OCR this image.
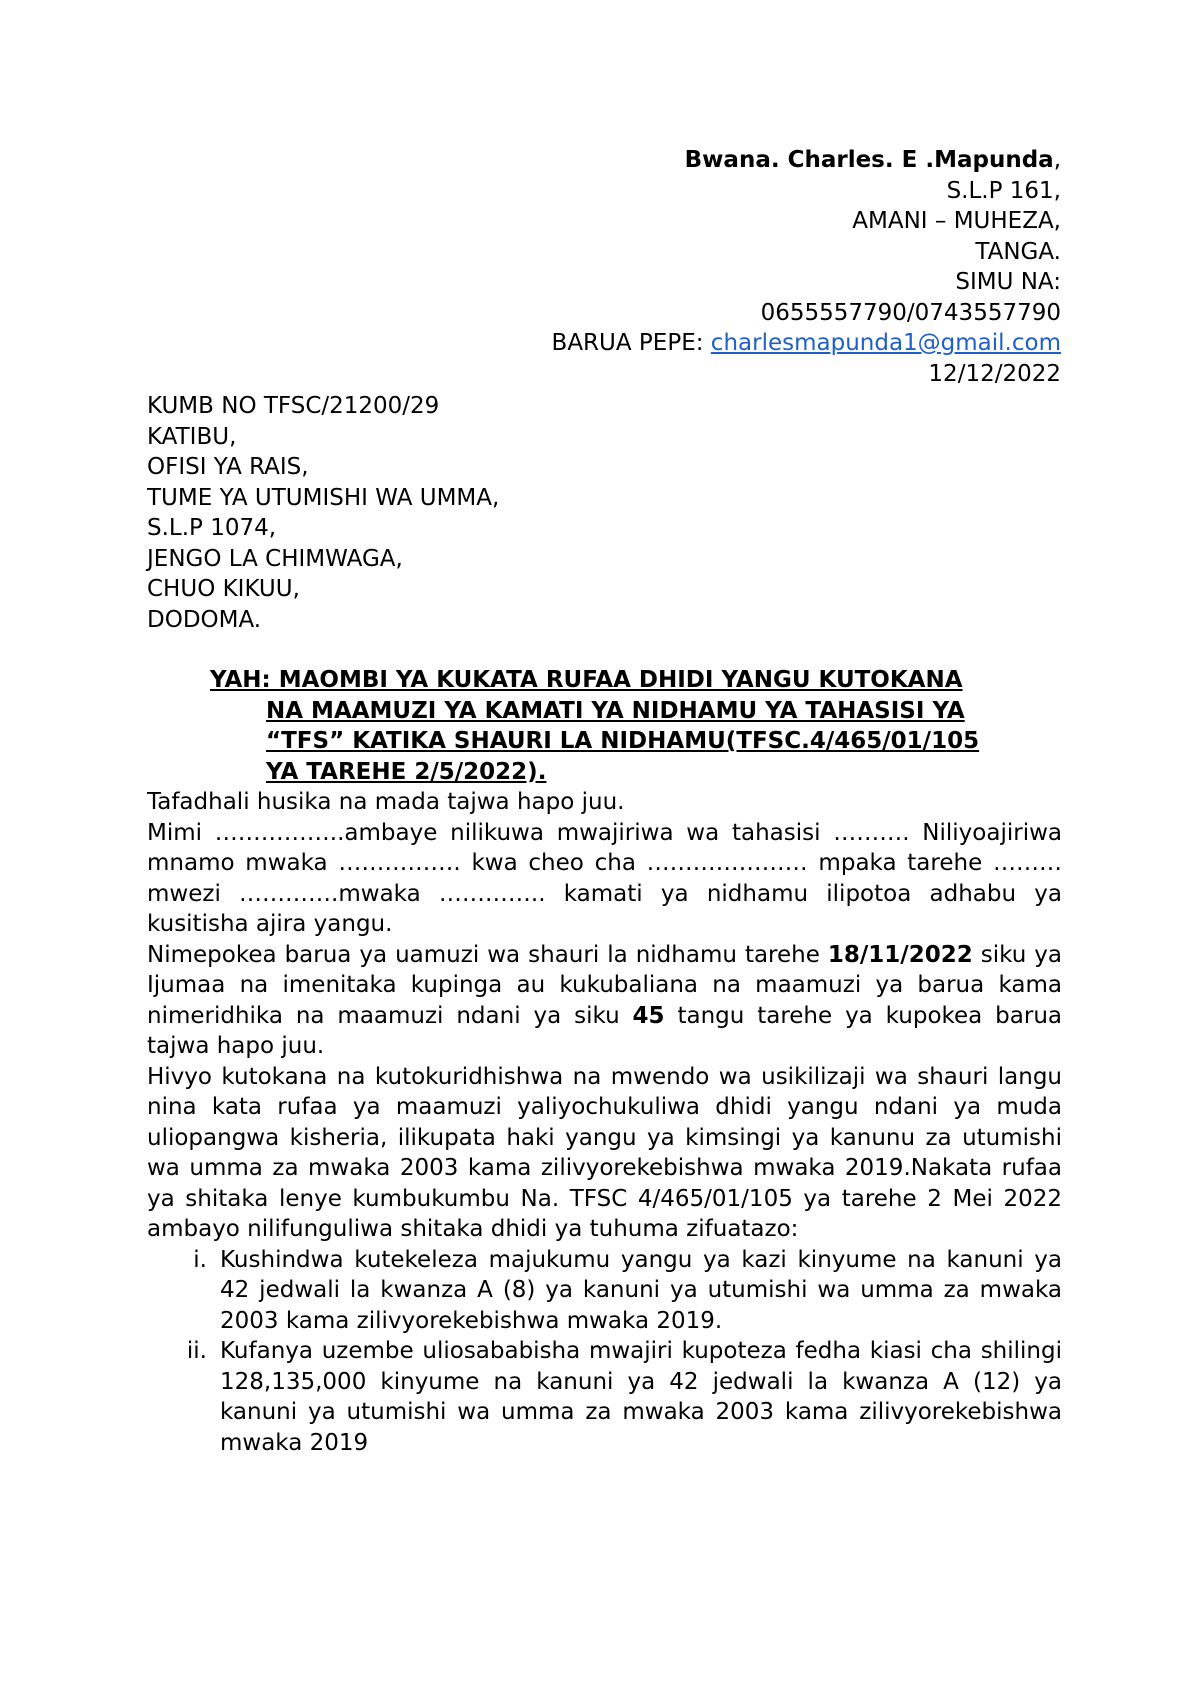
Bwana. Charles. E .Mapunda,
S.L.P 161,
AMANI – MUHEZA,
TANGA.
SIMU NA:
0655557790/0743557790
BARUA PEPE: charlesmapunda1@gmail.com
12/12/2022
KUMB NO TFSC/21200/29
KATIBU,
OFISI YA RAIS,
TUME YA UTUMISHI WA UMMA,
S.L.P 1074,
JENGO LA CHIMWAGA,
CHUO KIKUU,
DODOMA.
YAH: MAOMBI YA KUKATA RUFAA DHIDI YANGU KUTOKANA
NA MAAMUZI YA KAMATI YA NIDHAMU YA TAHASISI YA
“TFS” KATIKA SHAURI LA NIDHAMU(TFSC.4/465/01/105
YA TAREHE 2/5/2022).

Tafadhali husika na mada tajwa hapo juu.

Mimi ……………..ambaye nilikuwa mwajiriwa wa tahasisi ………. Niliyoajiriwa mnamo mwaka ……………. kwa cheo cha ………………… mpaka tarehe ………mwezi ………….mwaka ………….. kamati ya nidhamu ilipotoa adhabu ya kusitisha ajira yangu.

Nimepokea barua ya uamuzi wa shauri la nidhamu tarehe 18/11/2022 siku ya Ijumaa na imenitaka kupinga au kukubaliana na maamuzi ya barua kama nimeridhika na maamuzi ndani ya siku 45 tangu tarehe ya kupokea barua tajwa hapo juu.

Hivyo kutokana na kutokuridhishwa na mwendo wa usikilizaji wa shauri langu nina kata rufaa ya maamuzi yaliyochukuliwa dhidi yangu ndani ya muda uliopangwa kisheria, ilikupata haki yangu ya kimsingi ya kanunu za utumishi wa umma za mwaka 2003 kama zilivyorekebishwa mwaka 2019.Nakata rufaa ya shitaka lenye kumbukumbu Na. TFSC 4/465/01/105 ya tarehe 2 Mei 2022 ambayo nilifunguliwa shitaka dhidi ya tuhuma zifuatazo:

i. Kushindwa kutekeleza majukumu yangu ya kazi kinyume na kanuni ya 42 jedwali la kwanza A (8) ya kanuni ya utumishi wa umma za mwaka 2003 kama zilivyorekebishwa mwaka 2019.
ii. Kufanya uzembe uliosababisha mwajiri kupoteza fedha kiasi cha shilingi 128,135,000 kinyume na kanuni ya 42 jedwali la kwanza A (12) ya kanuni ya utumishi wa umma za mwaka 2003 kama zilivyorekebishwa mwaka 2019
